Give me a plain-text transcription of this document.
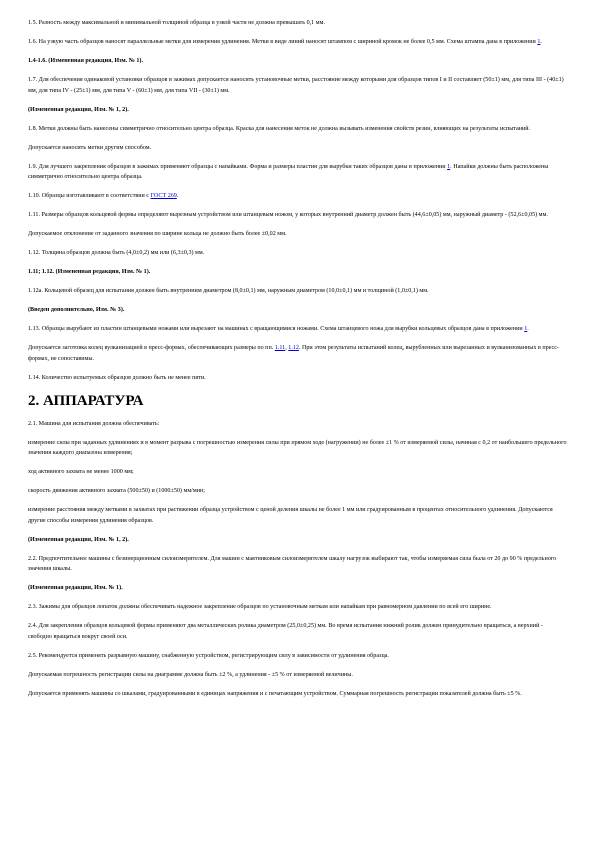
1.5. Разность между максимальной и минимальной толщиной образца в узкой части не должна превышать 0,1 мм.

1.6. На узкую часть образцов наносят параллельные метки для измерения удлинения. Метки в виде линий наносят штампом с шириной кромок не более 0,5 мм. Схема штампа дана в приложении 1.

1.4-1.6. (Измененная редакция, Изм. № 1).

1.7. Для обеспечения одинаковой установки образцов в зажимах допускается наносить установочные метки, расстояние между которыми для образцов типов I и II составляет (50±1) мм, для типа III - (40±1) мм, для типа IV - (25±1) мм, для типа V - (60±1) мм, для типа VII - (30±1) мм.

(Измененная редакция, Изм. № 1, 2).

1.8. Метки должны быть нанесены симметрично относительно центра образца. Краска для нанесения меток не должна вызывать изменения свойств резин, влияющих на результаты испытаний.

Допускается наносить метки другим способом.

1.9. Для лучшего закрепления образцов в зажимах применяют образцы с напайками. Форма и размеры пластин для вырубки таких образцов даны в приложении 1. Напайки должны быть расположены симметрично относительно центра образца.

1.10. Образцы изготавливают в соответствии с ГОСТ 269.

1.11. Размеры образцов кольцевой формы определяют вырезным устройством или штанцевым ножом, у которых внутренний диаметр должен быть (44,6±0,05) мм, наружный диаметр - (52,6±0,05) мм.

Допускаемое отклонение от заданного значения по ширине кольца не должно быть более ±0,02 мм.

1.12. Толщина образцов должна быть (4,0±0,2) мм или (6,3±0,3) мм.

1.11; 1.12. (Измененная редакция, Изм. № 1).

1.12а. Кольцевой образец для испытания должен быть внутренним диаметром (8,0±0,1) мм, наружным диаметром (10,0±0,1) мм и толщиной (1,0±0,1) мм.

(Введен дополнительно, Изм. № 3).

1.13. Образцы вырубают из пластин штанцевыми ножами или вырезают на машинах с вращающимися ножами. Схема штанцевого ножа для вырубки кольцевых образцов дана в приложении 1.

Допускается заготовка колец вулканизацией в пресс-формах, обеспечивающих размеры по пп. 1.11, 1.12. При этом результаты испытаний колец, вырубленных или вырезанных и вулканизованных в пресс-формах, не сопоставимы.

1.14. Количество испытуемых образцов должно быть не менее пяти.

2. АППАРАТУРА

2.1. Машина для испытания должна обеспечивать:

измерение силы при заданных удлинениях и в момент разрыва с погрешностью измерения силы при прямом ходе (нагружении) не более ±1 % от измеряемой силы, начиная с 0,2 от наибольшего предельного значения каждого диапазона измерения;

ход активного захвата не менее 1000 мм;

скорость движения активного захвата (500±50) и (1000±50) мм/мин;

измерение расстояния между метками в захватах при растяжении образца устройством с ценой деления шкалы не более 1 мм или градуированным в процентах относительного удлинения. Допускаются другие способы измерения удлинения образцов.

(Измененная редакция, Изм. № 1, 2).

2.2. Предпочтительнее машины с безинерционным силоизмерителем. Для машин с маятниковым силоизмерителем шкалу нагрузок выбирают так, чтобы измеряемая сила была от 20 до 90 % предельного значения шкалы.

(Измененная редакция, Изм. № 1).

2.3. Зажимы для образцов лопаток должны обеспечивать надежное закрепление образцов по установочным меткам или напайкам при равномерном давлении по всей его ширине.

2.4. Для закрепления образцов кольцевой формы применяют два металлических ролика диаметром (25,0±0,25) мм. Во время испытания нижний ролик должен принудительно вращаться, а верхний - свободно вращаться вокруг своей оси.

2.5. Рекомендуется применять разрывную машину, снабженную устройством, регистрирующим силу в зависимости от удлинения образца.

Допускаемая погрешность регистрации силы на диаграмме должна быть ±2 %, а удлинения - ±5 % от измеряемой величины.

Допускается применять машины со шкалами, градуированными в единицах напряжения и с печатающим устройством. Суммарная погрешность регистрации показателей должна быть ±5 %.
